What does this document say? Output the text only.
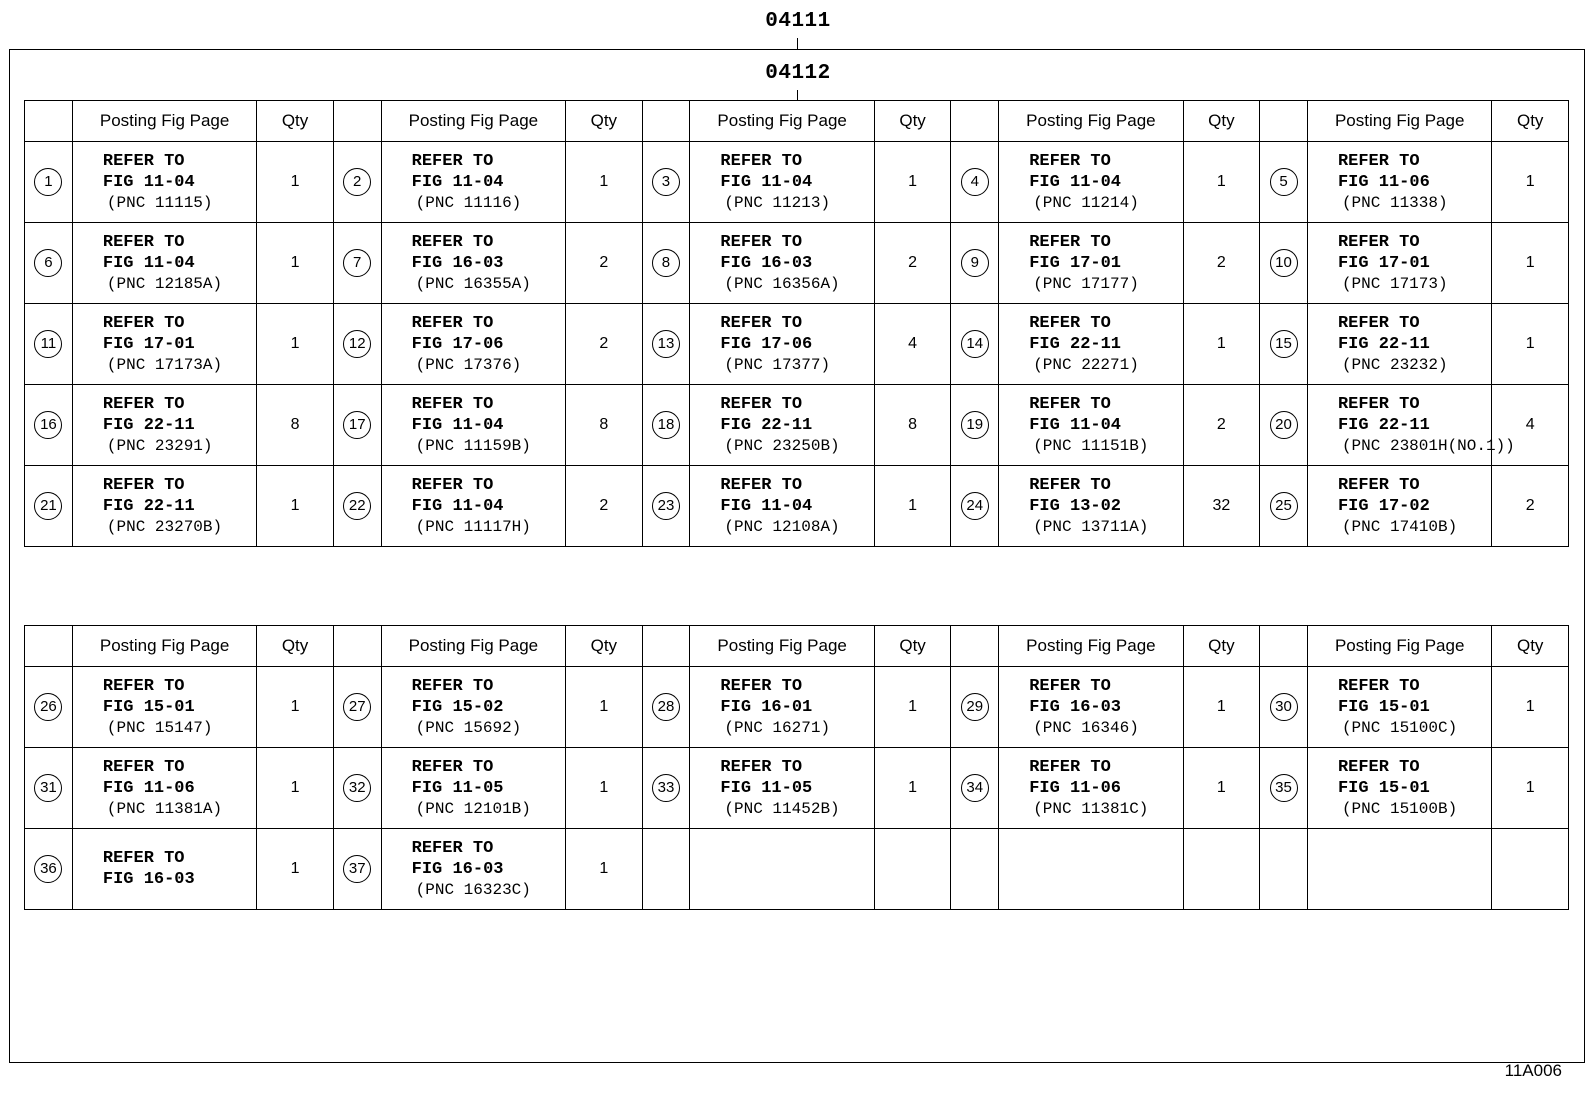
04111
04112
	Posting Fig Page	Qty		Posting Fig Page	Qty		Posting Fig Page	Qty		Posting Fig Page	Qty		Posting Fig Page	Qty
1	REFER TO
FIG 11-04
(PNC 11115)	1	2	REFER TO
FIG 11-04
(PNC 11116)	1	3	REFER TO
FIG 11-04
(PNC 11213)	1	4	REFER TO
FIG 11-04
(PNC 11214)	1	5	REFER TO
FIG 11-06
(PNC 11338)	1
6	REFER TO
FIG 11-04
(PNC 12185A)	1	7	REFER TO
FIG 16-03
(PNC 16355A)	2	8	REFER TO
FIG 16-03
(PNC 16356A)	2	9	REFER TO
FIG 17-01
(PNC 17177)	2	10	REFER TO
FIG 17-01
(PNC 17173)	1
11	REFER TO
FIG 17-01
(PNC 17173A)	1	12	REFER TO
FIG 17-06
(PNC 17376)	2	13	REFER TO
FIG 17-06
(PNC 17377)	4	14	REFER TO
FIG 22-11
(PNC 22271)	1	15	REFER TO
FIG 22-11
(PNC 23232)	1
16	REFER TO
FIG 22-11
(PNC 23291)	8	17	REFER TO
FIG 11-04
(PNC 11159B)	8	18	REFER TO
FIG 22-11
(PNC 23250B)	8	19	REFER TO
FIG 11-04
(PNC 11151B)	2	20	REFER TO
FIG 22-11
(PNC 23801H(NO.1))	4
21	REFER TO
FIG 22-11
(PNC 23270B)	1	22	REFER TO
FIG 11-04
(PNC 11117H)	2	23	REFER TO
FIG 11-04
(PNC 12108A)	1	24	REFER TO
FIG 13-02
(PNC 13711A)	32	25	REFER TO
FIG 17-02
(PNC 17410B)	2
	Posting Fig Page	Qty		Posting Fig Page	Qty		Posting Fig Page	Qty		Posting Fig Page	Qty		Posting Fig Page	Qty
26	REFER TO
FIG 15-01
(PNC 15147)	1	27	REFER TO
FIG 15-02
(PNC 15692)	1	28	REFER TO
FIG 16-01
(PNC 16271)	1	29	REFER TO
FIG 16-03
(PNC 16346)	1	30	REFER TO
FIG 15-01
(PNC 15100C)	1
31	REFER TO
FIG 11-06
(PNC 11381A)	1	32	REFER TO
FIG 11-05
(PNC 12101B)	1	33	REFER TO
FIG 11-05
(PNC 11452B)	1	34	REFER TO
FIG 11-06
(PNC 11381C)	1	35	REFER TO
FIG 15-01
(PNC 15100B)	1
36	REFER TO
FIG 16-03	1	37	REFER TO
FIG 16-03
(PNC 16323C)	1									
11A006
